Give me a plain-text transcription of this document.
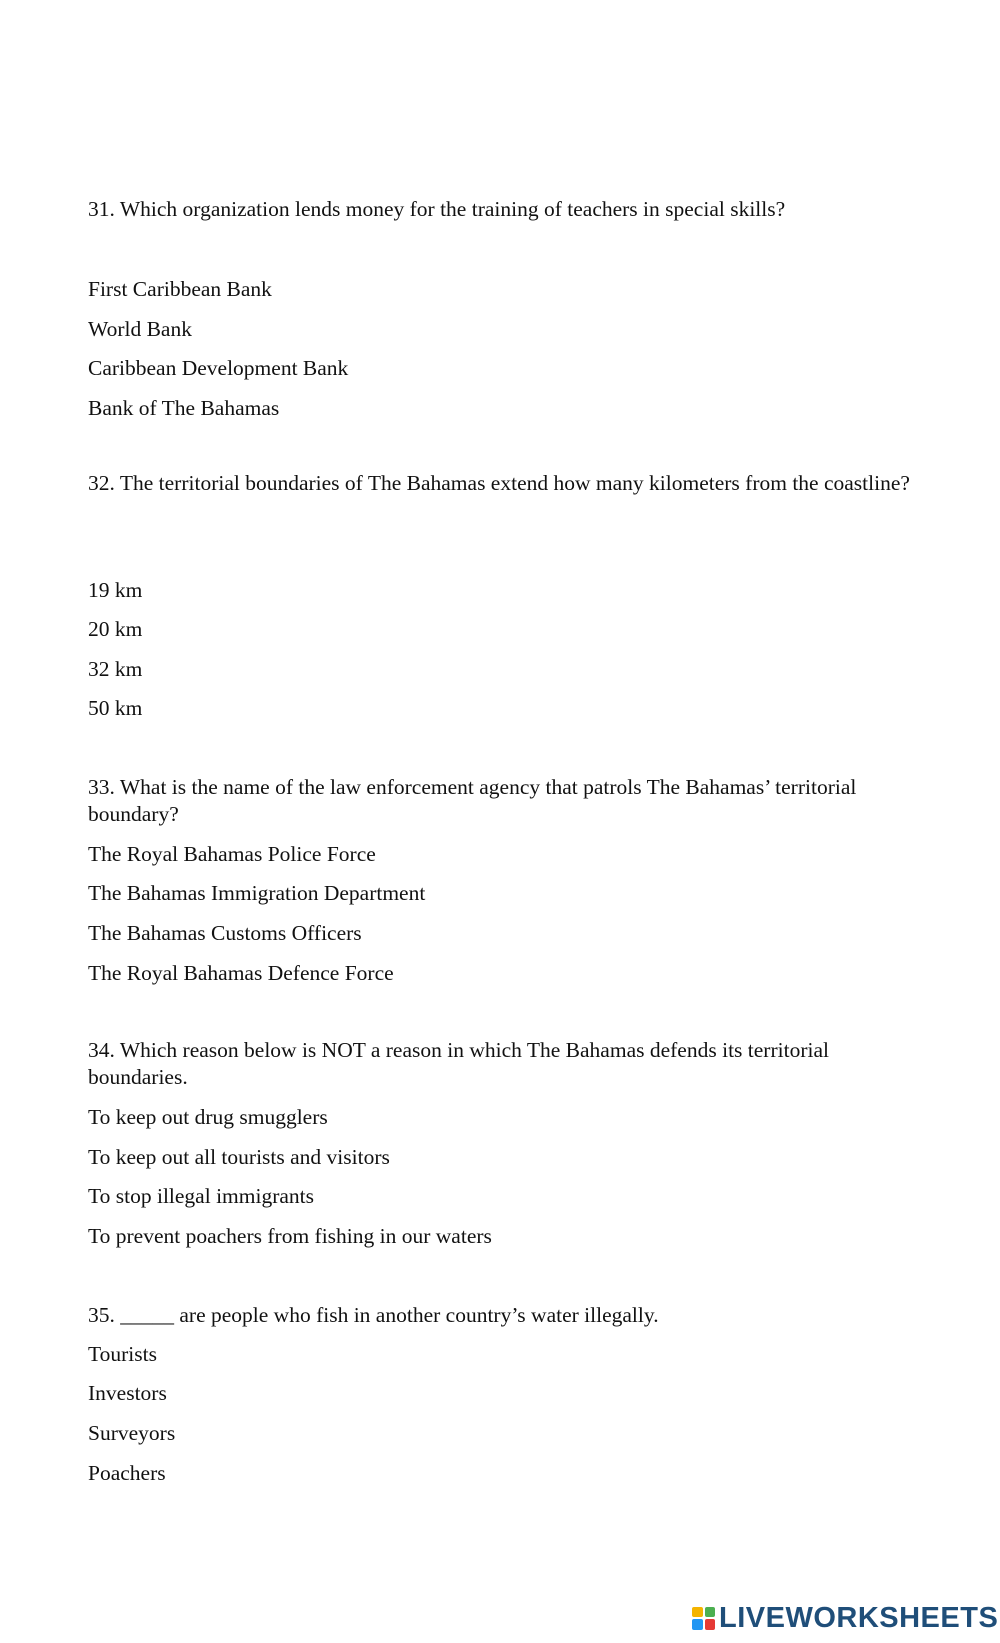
31. Which organization lends money for the training of teachers in special skills?

First Caribbean Bank

World Bank

Caribbean Development Bank

Bank of The Bahamas

32. The territorial boundaries of The Bahamas extend how many kilometers from the coastline?

19 km

20 km

32 km

50 km

33. What is the name of the law enforcement agency that patrols The Bahamas’ territorial boundary?

The Royal Bahamas Police Force

The Bahamas Immigration Department

The Bahamas Customs Officers

The Royal Bahamas Defence Force

34. Which reason below is NOT a reason in which The Bahamas defends its territorial boundaries.

To keep out drug smugglers

To keep out all tourists and visitors

To stop illegal immigrants

To prevent poachers from fishing in our waters

35. _____ are people who fish in another country’s water illegally.

Tourists

Investors

Surveyors

Poachers

LIVEWORKSHEETS
